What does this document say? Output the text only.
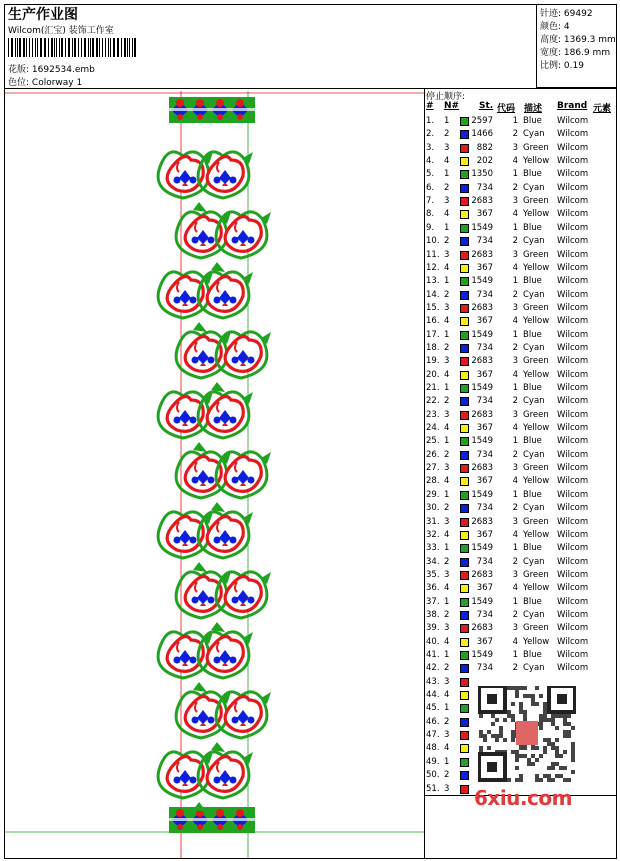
生产作业图
Wilcom(汇宝) 装饰工作室
花版: 1692534.emb
色位: Colorway 1
针迹: 69492
颜色: 4
高度: 1369.3 mm
宽度: 186.9 mm
比例: 0.19
停止顺序:
# N# St. 代码 描述 Brand 元素
1. 1	2597	1 Blue Wilcom
2. 2	1466	2 Cyan Wilcom
3. 3	882	3 Green Wilcom
4. 4	202	4 Yellow Wilcom
5. 1	1350	1 Blue Wilcom
6. 2	734	2 Cyan Wilcom
7. 3	2683	3 Green Wilcom
8. 4	367	4 Yellow Wilcom
9. 1	1549	1 Blue Wilcom
10. 2	734	2 Cyan Wilcom
11. 3	2683	3 Green Wilcom
12. 4	367	4 Yellow Wilcom
13. 1	1549	1 Blue Wilcom
14. 2	734	2 Cyan Wilcom
15. 3	2683	3 Green Wilcom
16. 4	367	4 Yellow Wilcom
17. 1	1549	1 Blue Wilcom
18. 2	734	2 Cyan Wilcom
19. 3	2683	3 Green Wilcom
20. 4	367	4 Yellow Wilcom
21. 1	1549	1 Blue Wilcom
22. 2	734	2 Cyan Wilcom
23. 3	2683	3 Green Wilcom
24. 4	367	4 Yellow Wilcom
25. 1	1549	1 Blue Wilcom
26. 2	734	2 Cyan Wilcom
27. 3	2683	3 Green Wilcom
28. 4	367	4 Yellow Wilcom
29. 1	1549	1 Blue Wilcom
30. 2	734	2 Cyan Wilcom
31. 3	2683	3 Green Wilcom
32. 4	367	4 Yellow Wilcom
33. 1	1549	1 Blue Wilcom
34. 2	734	2 Cyan Wilcom
35. 3	2683	3 Green Wilcom
36. 4	367	4 Yellow Wilcom
37. 1	1549	1 Blue Wilcom
38. 2	734	2 Cyan Wilcom
39. 3	2683	3 Green Wilcom
40. 4	367	4 Yellow Wilcom
41. 1	1549	1 Blue Wilcom
42. 2	734	2 Cyan Wilcom
43. 3
44. 4
45. 1
46. 2
47. 3
48. 4
49. 1
50. 2
51. 3 6xiu.com
